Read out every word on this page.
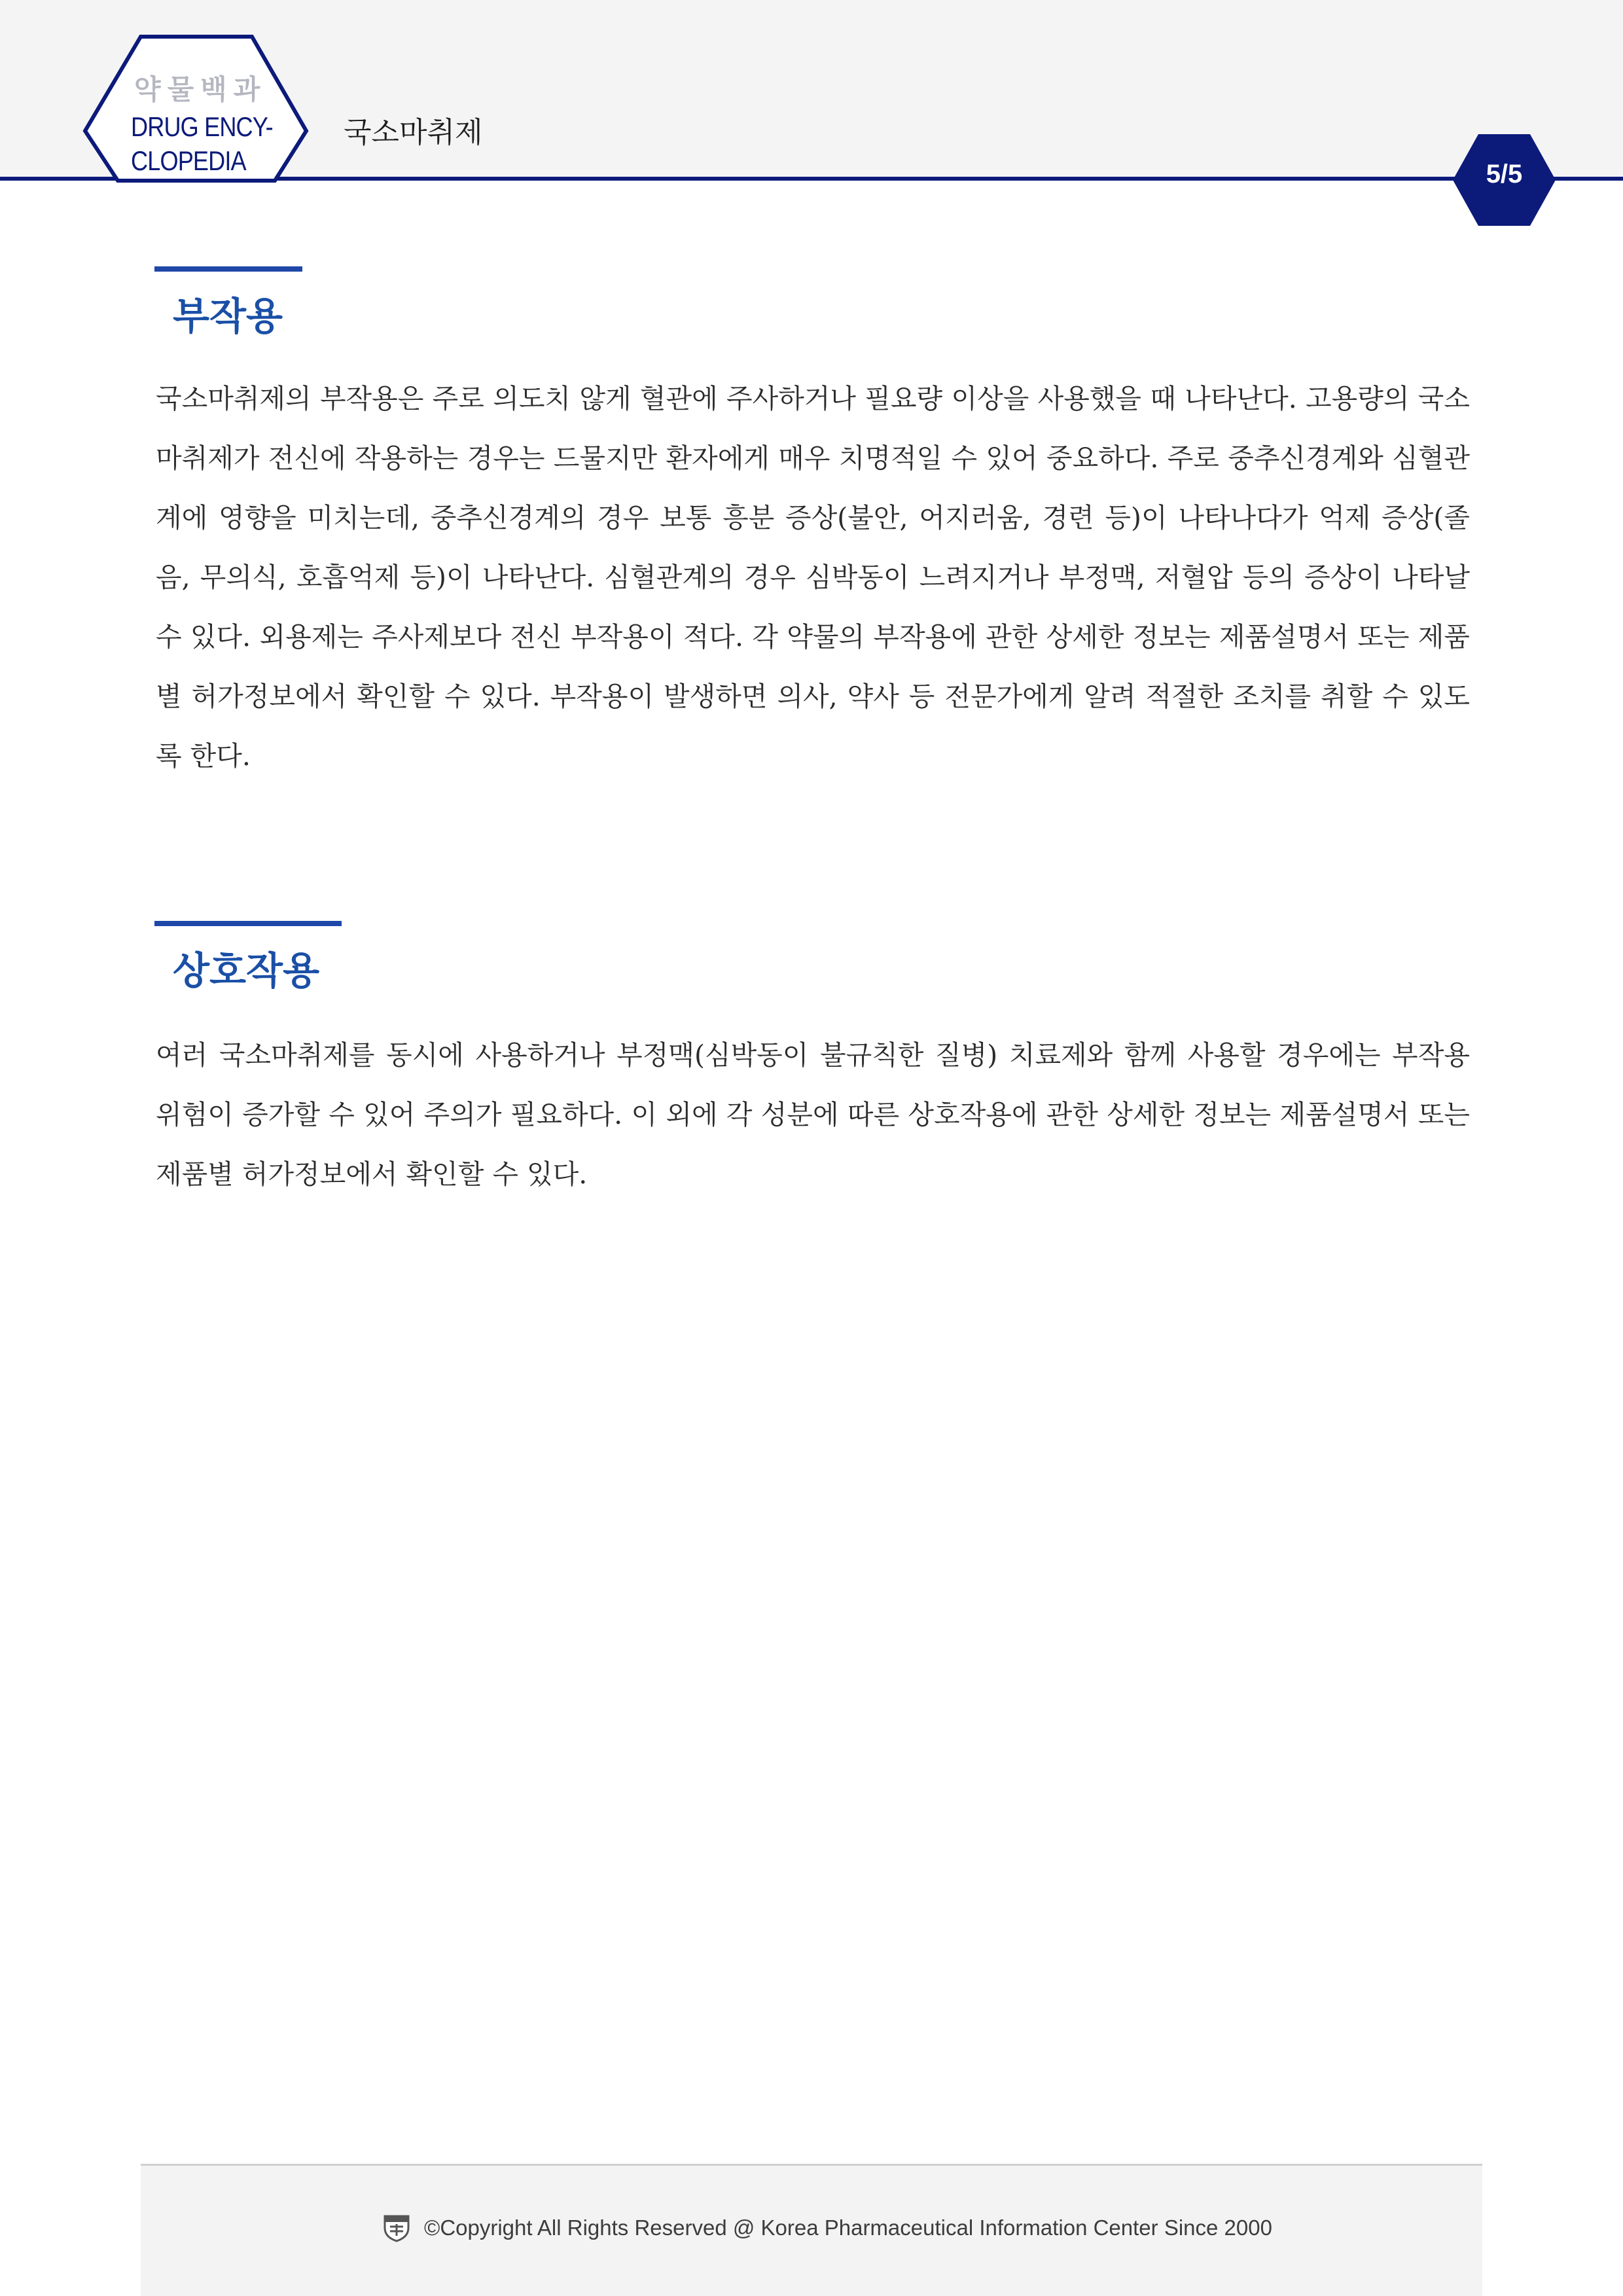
약물백과
DRUG ENCY-
CLOPEDIA
국소마취제
5/5
부작용

국소마취제의 부작용은 주로 의도치 않게 혈관에 주사하거나 필요량 이상을 사용했을 때 나타난다. 고용량의 국소마취제가 전신에 작용하는 경우는 드물지만 환자에게 매우 치명적일 수 있어 중요하다. 주로 중추신경계와 심혈관계에 영향을 미치는데, 중추신경계의 경우 보통 흥분 증상(불안, 어지러움, 경련 등)이 나타나다가 억제 증상(졸음, 무의식, 호흡억제 등)이 나타난다. 심혈관계의 경우 심박동이 느려지거나 부정맥, 저혈압 등의 증상이 나타날 수 있다. 외용제는 주사제보다 전신 부작용이 적다. 각 약물의 부작용에 관한 상세한 정보는 제품설명서 또는 제품별 허가정보에서 확인할 수 있다. 부작용이 발생하면 의사, 약사 등 전문가에게 알려 적절한 조치를 취할 수 있도록 한다.

상호작용

여러 국소마취제를 동시에 사용하거나 부정맥(심박동이 불규칙한 질병) 치료제와 함께 사용할 경우에는 부작용 위험이 증가할 수 있어 주의가 필요하다. 이 외에 각 성분에 따른 상호작용에 관한 상세한 정보는 제품설명서 또는 제품별 허가정보에서 확인할 수 있다.

©Copyright All Rights Reserved @ Korea Pharmaceutical Information Center Since 2000
